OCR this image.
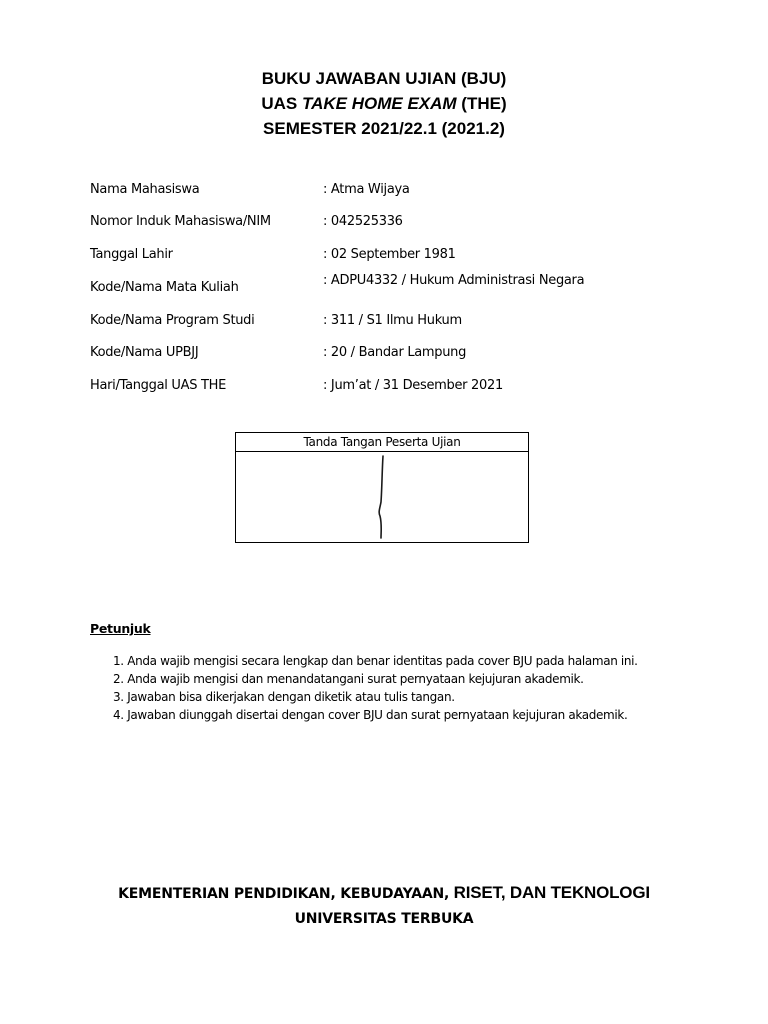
BUKU JAWABAN UJIAN (BJU)
UAS TAKE HOME EXAM (THE)
SEMESTER 2021/22.1 (2021.2)
Nama Mahasiswa	: Atma Wijaya
Nomor Induk Mahasiswa/NIM	: 042525336
Tanggal Lahir	: 02 September 1981
Kode/Nama Mata Kuliah	: ADPU4332 / Hukum Administrasi Negara
Kode/Nama Program Studi	: 311 / S1 Ilmu Hukum
Kode/Nama UPBJJ	: 20 / Bandar Lampung
Hari/Tanggal UAS THE	: Jum’at / 31 Desember 2021
Tanda Tangan Peserta Ujian
Petunjuk
1. Anda wajib mengisi secara lengkap dan benar identitas pada cover BJU pada halaman ini.
2. Anda wajib mengisi dan menandatangani surat pernyataan kejujuran akademik.
3. Jawaban bisa dikerjakan dengan diketik atau tulis tangan.
4. Jawaban diunggah disertai dengan cover BJU dan surat pernyataan kejujuran akademik.
KEMENTERIAN PENDIDIKAN, KEBUDAYAAN, RISET, DAN TEKNOLOGI
UNIVERSITAS TERBUKA
